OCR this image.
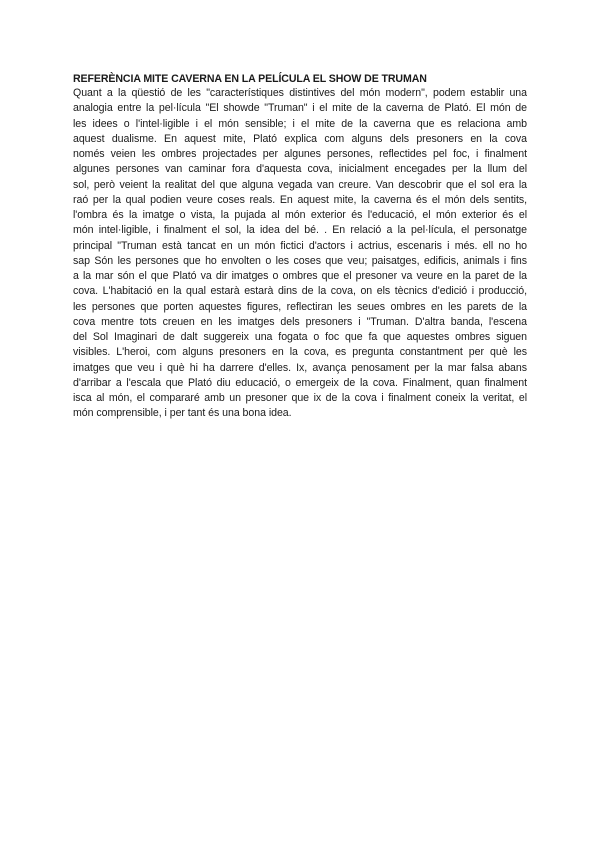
REFERÈNCIA MITE CAVERNA EN LA PELÍCULA EL SHOW DE TRUMAN
Quant a la qüestió de les "característiques distintives del món modern", podem establir una
analogia entre la pel·lícula "El showde "Truman" i el mite de la caverna de Plató. El món de
les idees o l'intel·ligible i el món sensible; i el mite de la caverna que es relaciona amb
aquest dualisme. En aquest mite, Plató explica com alguns dels presoners en la cova
només veien les ombres projectades per algunes persones, reflectides pel foc, i finalment
algunes persones van caminar fora d'aquesta cova, inicialment encegades per la llum del
sol, però veient la realitat del que alguna vegada van creure. Van descobrir que el sol era la
raó per la qual podien veure coses reals. En aquest mite, la caverna és el món dels sentits,
l'ombra és la imatge o vista, la pujada al món exterior és l'educació, el món exterior és el
món intel·ligible, i finalment el sol, la idea del bé. . En relació a la pel·lícula, el personatge
principal "Truman està tancat en un món fictici d'actors i actrius, escenaris i més. ell no ho
sap Són les persones que ho envolten o les coses que veu; paisatges, edificis, animals i fins
a la mar són el que Plató va dir imatges o ombres que el presoner va veure en la paret de la
cova. L'habitació en la qual estarà estarà dins de la cova, on els tècnics d'edició i producció,
les persones que porten aquestes figures, reflectiran les seues ombres en les parets de la
cova mentre tots creuen en les imatges dels presoners i "Truman. D'altra banda, l'escena
del Sol Imaginari de dalt suggereix una fogata o foc que fa que aquestes ombres siguen
visibles. L'heroi, com alguns presoners en la cova, es pregunta constantment per què les
imatges que veu i què hi ha darrere d'elles. Ix, avança penosament per la mar falsa abans
d'arribar a l'escala que Plató diu educació, o emergeix de la cova. Finalment, quan finalment
isca al món, el compararé amb un presoner que ix de la cova i finalment coneix la veritat, el
món comprensible, i per tant és una bona idea.
